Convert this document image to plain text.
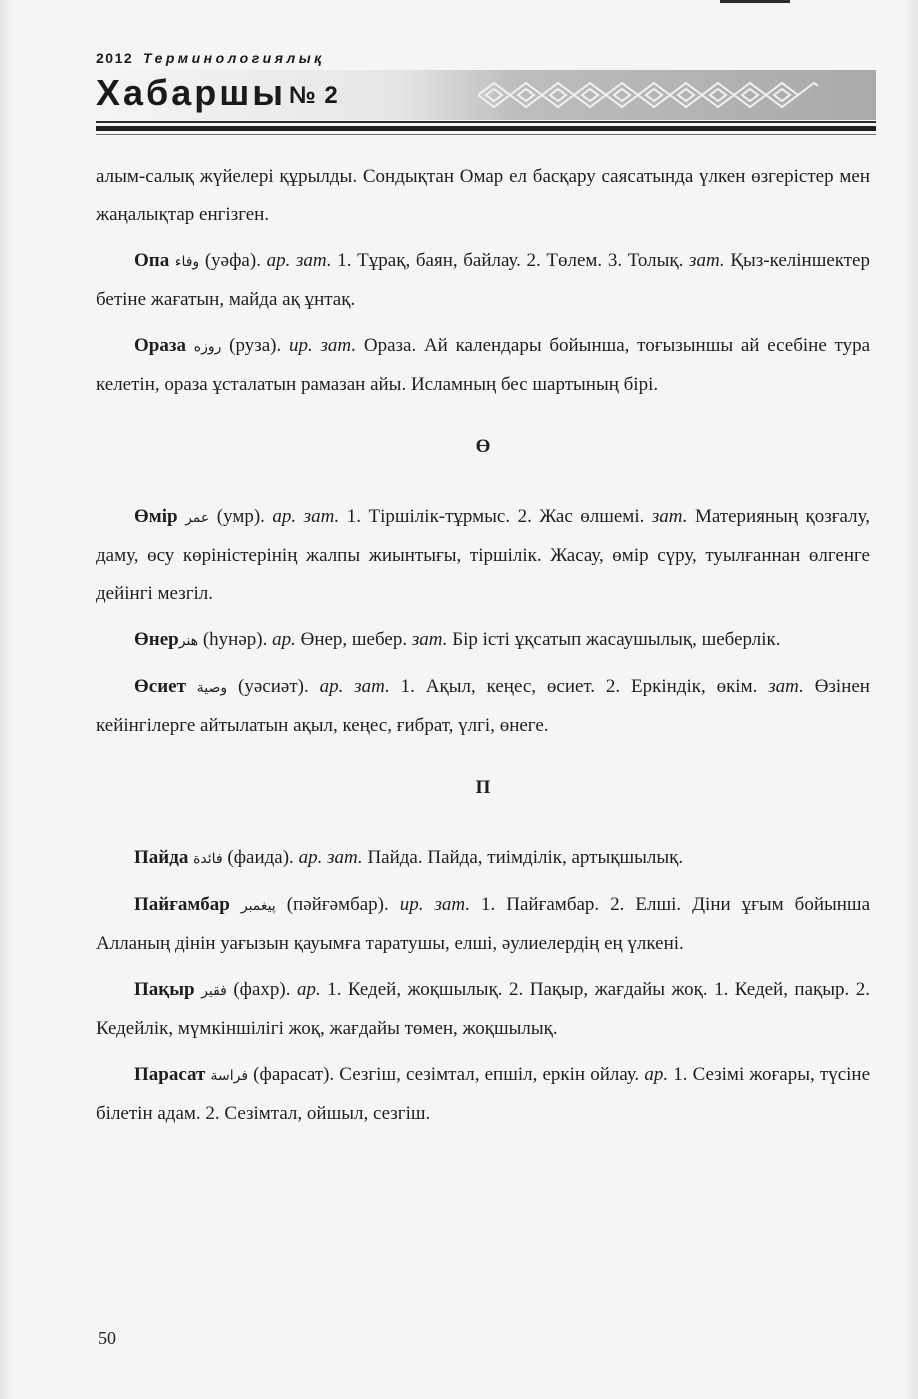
2012 Терминологиялық
Хабаршы № 2

алым-салық жүйелері құрылды. Сондықтан Омар ел басқару саясатында үлкен өзгерістер мен жаңалықтар енгізген.

Опа وفاء (уәфа). ар. зат. 1. Тұрақ, баян, байлау. 2. Төлем. 3. Толық. зат. Қыз-келіншектер бетіне жағатын, майда ақ ұнтақ.

Ораза روزه (руза). ир. зат. Ораза. Ай календары бойынша, тоғызыншы ай есебіне тура келетін, ораза ұсталатын рамазан айы. Исламның бес шартының бірі.

Ө

Өмір عمر (умр). ар. зат. 1. Тіршілік-тұрмыс. 2. Жас өлшемі. зат. Материяның қозғалу, даму, өсу көріністерінің жалпы жиынтығы, тіршілік. Жасау, өмір сүру, туылғаннан өлгенге дейінгі мезгіл.

Өнерهنر (һунәр). ар. Өнер, шебер. зат. Бір істі ұқсатып жасаушылық, шеберлік.

Өсиет وصية (уәсиәт). ар. зат. 1. Ақыл, кеңес, өсиет. 2. Еркіндік, өкім. зат. Өзінен кейінгілерге айтылатын ақыл, кеңес, ғибрат, үлгі, өнеге.

П

Пайда فائدة (фаида). ар. зат. Пайда. Пайда, тиімділік, артықшылық.

Пайғамбар پیغمبر (пәйғәмбар). ир. зат. 1. Пайғамбар. 2. Елші. Діни ұғым бойынша Алланың дінін уағызын қауымға таратушы, елші, әулиелердің ең үлкені.

Пақыр فقير (фахр). ар. 1. Кедей, жоқшылық. 2. Пақыр, жағдайы жоқ. 1. Кедей, пақыр. 2. Кедейлік, мүмкіншілігі жоқ, жағдайы төмен, жоқшылық.

Парасат فراسة (фарасат). Сезгіш, сезімтал, епшіл, еркін ойлау. ар. 1. Сезімі жоғары, түсіне білетін адам. 2. Сезімтал, ойшыл, сезгіш.

50
